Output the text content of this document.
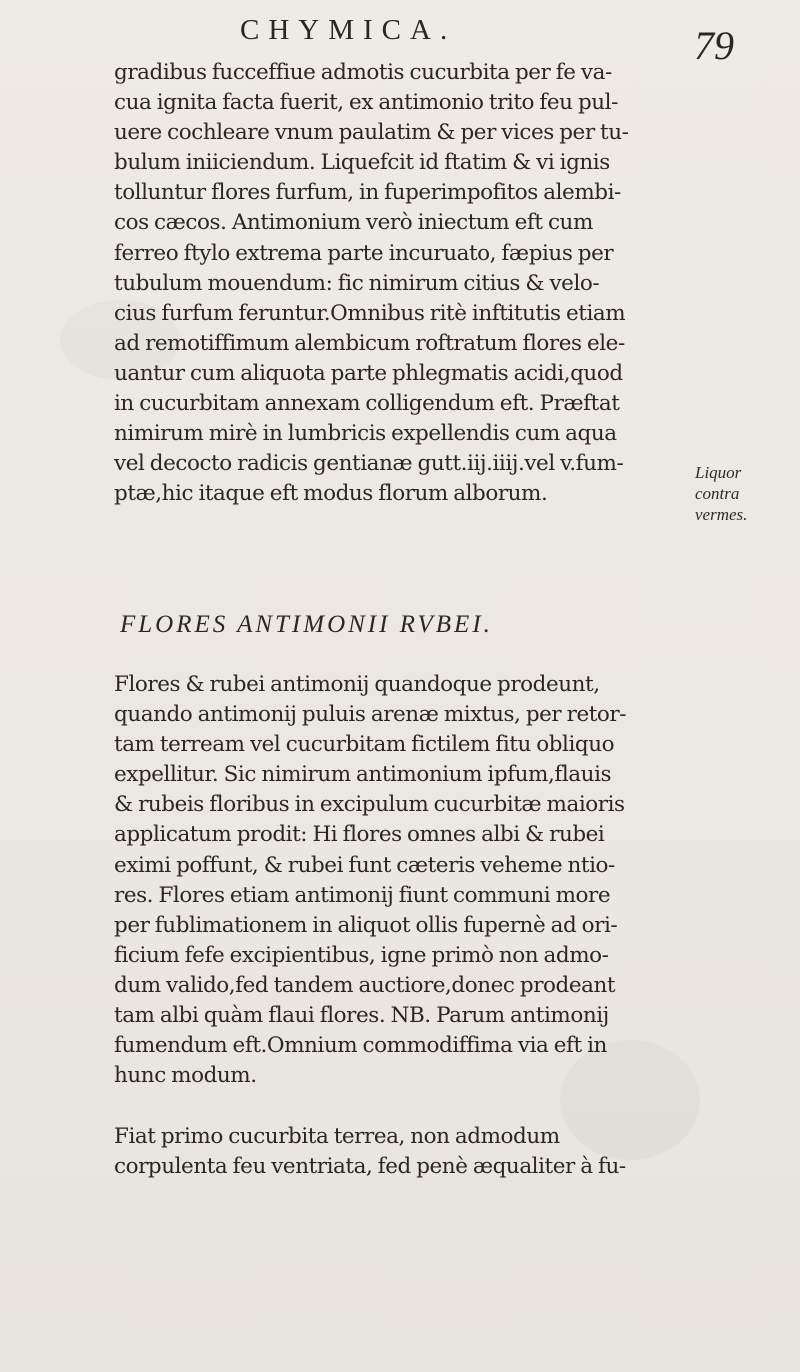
CHYMICA.	79
gradibus fucceffiue admotis cucurbita per fe va-
cua ignita facta fuerit, ex antimonio trito feu pul-
uere cochleare vnum paulatim & per vices per tu-
bulum iniiciendum. Liquefcit id ftatim & vi ignis
tolluntur flores furfum, in fuperimpofitos alembi-
cos cæcos. Antimonium verò iniectum eft cum
ferreo ftylo extrema parte incuruato, fæpius per
tubulum mouendum: fic nimirum citius & velo-
cius furfum feruntur.Omnibus ritè inftitutis etiam
ad remotiffimum alembicum roftratum flores ele-
uantur cum aliquota parte phlegmatis acidi,quod
in cucurbitam annexam colligendum eft. Præftat
nimirum mirè in lumbricis expellendis cum aqua
vel decocto radicis gentianæ gutt.iij.iiij.vel v.fum-
ptæ,hic itaque eft modus florum alborum.
Liquor
contra
vermes.
FLORES ANTIMONII RVBEI.
Flores & rubei antimonij quandoque prodeunt,
quando antimonij puluis arenæ mixtus, per retor-
tam terream vel cucurbitam fictilem fitu obliquo
expellitur. Sic nimirum antimonium ipfum,flauis
& rubeis floribus in excipulum cucurbitæ maioris
applicatum prodit: Hi flores omnes albi & rubei
eximi poffunt, & rubei funt cæteris veheme ntio-
res. Flores etiam antimonij fiunt communi more
per fublimationem in aliquot ollis fupernè ad ori-
ficium fefe excipientibus, igne primò non admo-
dum valido,fed tandem auctiore,donec prodeant
tam albi quàm flaui flores. NB. Parum antimonij
fumendum eft.Omnium commodiffima via eft in
hunc modum.
Fiat primo cucurbita terrea, non admodum
corpulenta feu ventriata, fed penè æqualiter à fu-
